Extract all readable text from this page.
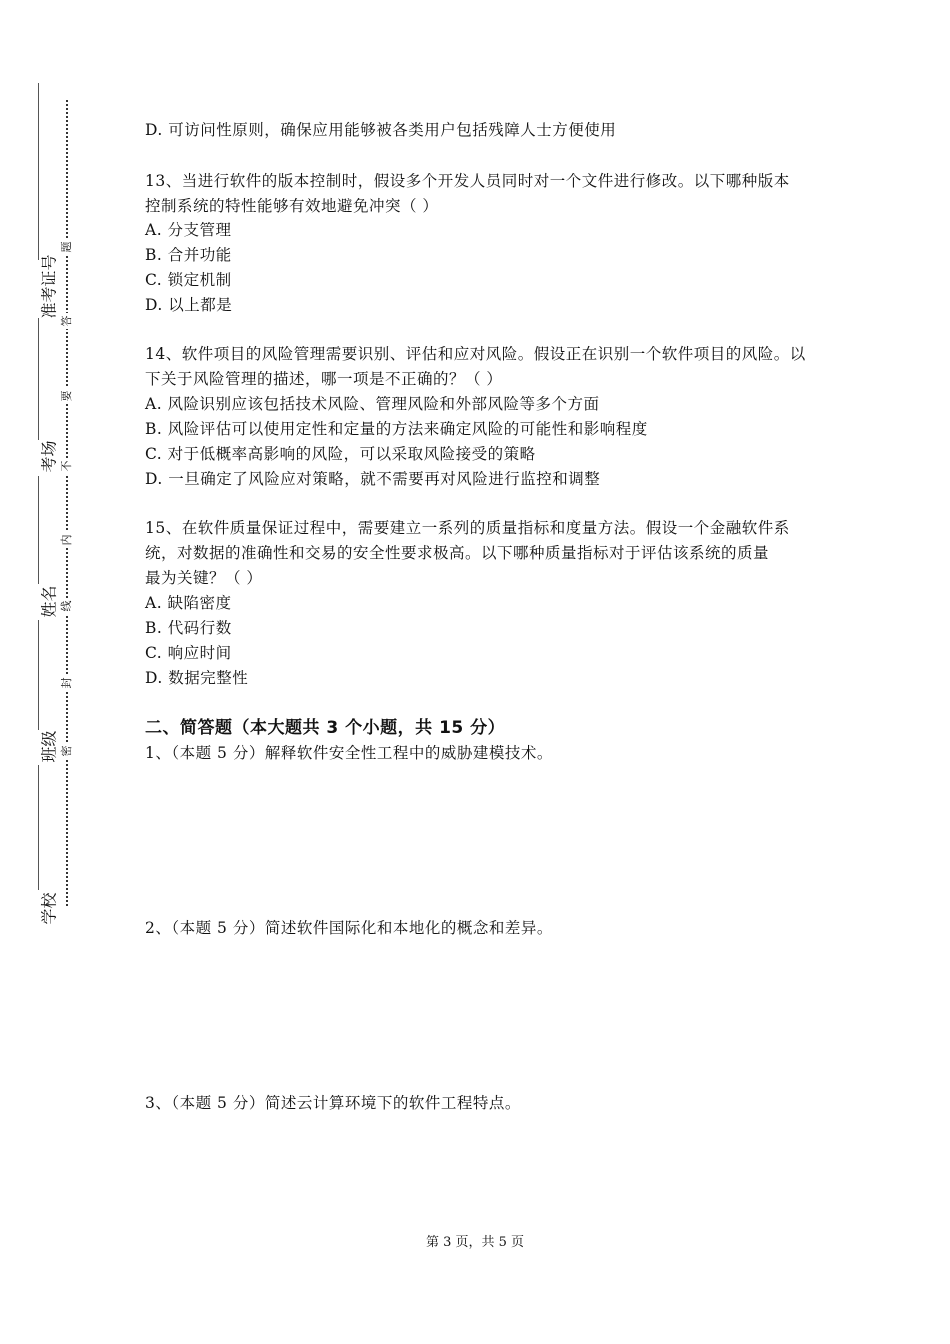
准考证号
考场
姓名
班级
学校
题
答
要
不
内
线
封
密
D. 可访问性原则，确保应用能够被各类用户包括残障人士方便使用
13、当进行软件的版本控制时，假设多个开发人员同时对一个文件进行修改。以下哪种版本
控制系统的特性能够有效地避免冲突（ ）
A. 分支管理
B. 合并功能
C. 锁定机制
D. 以上都是
14、软件项目的风险管理需要识别、评估和应对风险。假设正在识别一个软件项目的风险。以
下关于风险管理的描述，哪一项是不正确的？（ ）
A. 风险识别应该包括技术风险、管理风险和外部风险等多个方面
B. 风险评估可以使用定性和定量的方法来确定风险的可能性和影响程度
C. 对于低概率高影响的风险，可以采取风险接受的策略
D. 一旦确定了风险应对策略，就不需要再对风险进行监控和调整
15、在软件质量保证过程中，需要建立一系列的质量指标和度量方法。假设一个金融软件系
统，对数据的准确性和交易的安全性要求极高。以下哪种质量指标对于评估该系统的质量
最为关键？（ ）
A. 缺陷密度
B. 代码行数
C. 响应时间
D. 数据完整性
二、简答题（本大题共 3 个小题，共 15 分）
1、（本题 5 分）解释软件安全性工程中的威胁建模技术。
2、（本题 5 分）简述软件国际化和本地化的概念和差异。
3、（本题 5 分）简述云计算环境下的软件工程特点。
第 3 页，共 5 页
